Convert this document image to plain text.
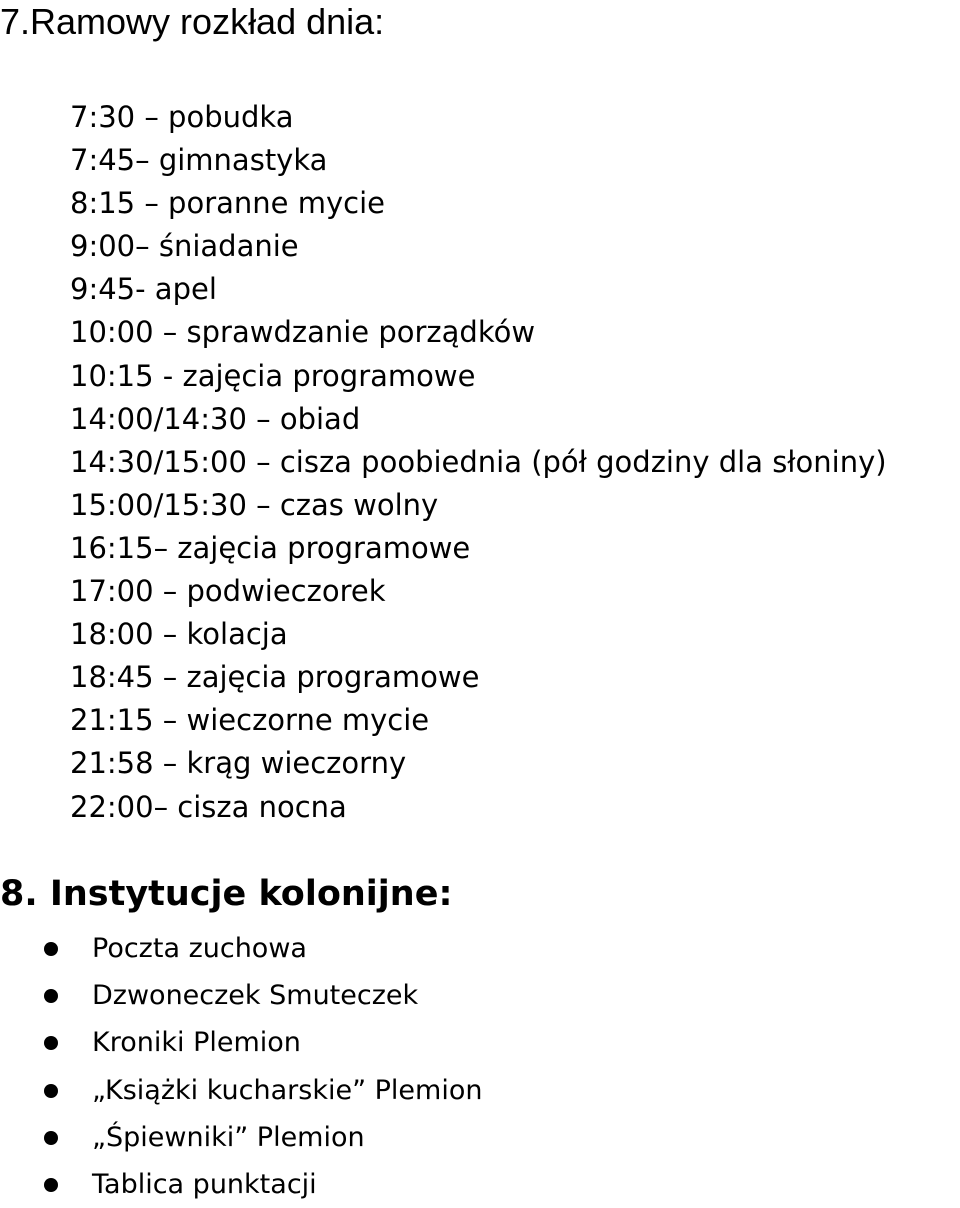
7.Ramowy rozkład dnia:
7:30 – pobudka
7:45– gimnastyka
8:15 – poranne mycie
9:00– śniadanie
9:45- apel
10:00 – sprawdzanie porządków
10:15 - zajęcia programowe
14:00/14:30 – obiad
14:30/15:00 – cisza poobiednia (pół godziny dla słoniny)
15:00/15:30 – czas wolny
16:15– zajęcia programowe
17:00 – podwieczorek
18:00 – kolacja
18:45 – zajęcia programowe
21:15 – wieczorne mycie
21:58 – krąg wieczorny
22:00– cisza nocna
8. Instytucje kolonijne:
Poczta zuchowa
Dzwoneczek Smuteczek
Kroniki Plemion
„Książki kucharskie” Plemion
„Śpiewniki” Plemion
Tablica punktacji
